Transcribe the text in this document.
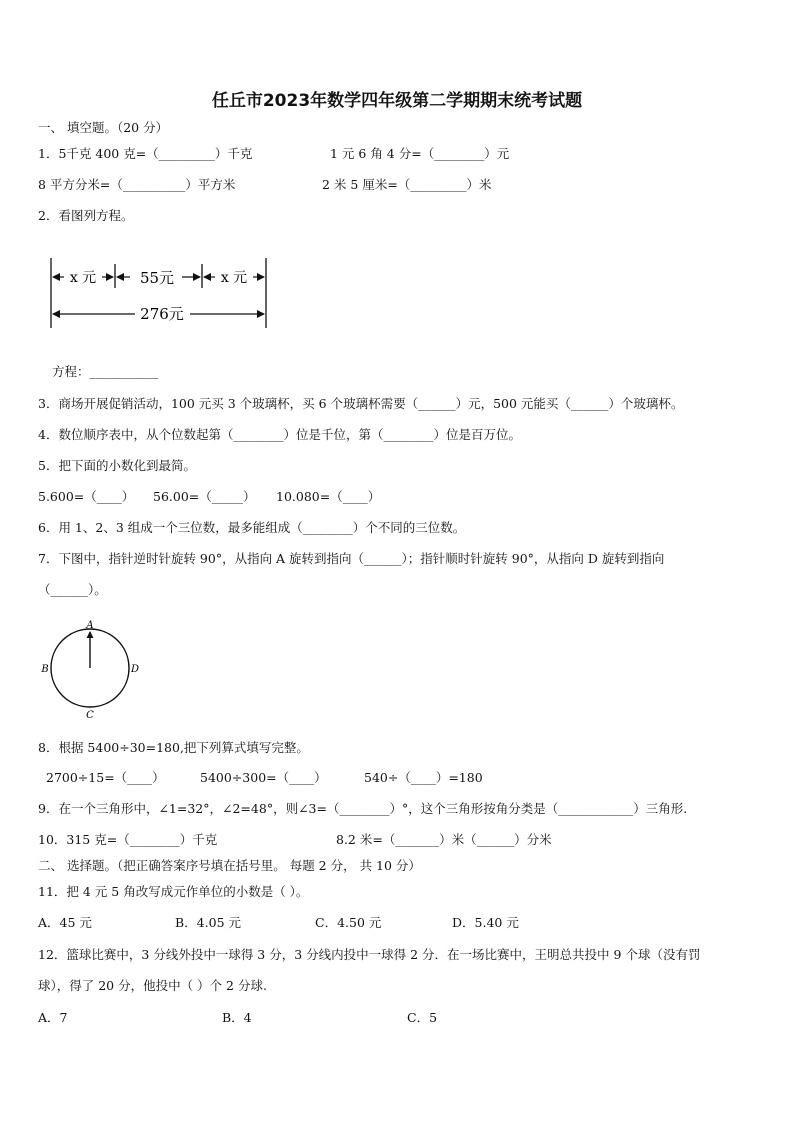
任丘市2023年数学四年级第二学期期末统考试题
一、 填空题。（20 分）
1．5千克 400 克=（_________）千克	1 元 6 角 4 分=（________）元
8 平方分米=（__________）平方米	2 米 5 厘米=（_________）米
2．看图列方程。
x 元	55元	x 元
276元
方程：___________
3．商场开展促销活动，100 元买 3 个玻璃杯，买 6 个玻璃杯需要（______）元，500 元能买（______）个玻璃杯。
4．数位顺序表中，从个位数起第（________）位是千位，第（________）位是百万位。
5．把下面的小数化到最简。
5.600=（____） 56.00=（_____） 10.080=（____）
6．用 1、2、3 组成一个三位数，最多能组成（________）个不同的三位数。
7．下图中，指针逆时针旋转 90°，从指向 A 旋转到指向（______）；指针顺时针旋转 90°，从指向 D 旋转到指向
（______）。
A
B
C
D
8．根据 5400÷30=180,把下列算式填写完整。
2700÷15=（____）	5400÷300=（____）	540÷（____）=180
9．在一个三角形中，∠1=32°，∠2=48°，则∠3=（________）°，这个三角形按角分类是（____________）三角形.
10．315 克=（________）千克	8.2 米=（_______）米（______）分米
二、 选择题。（把正确答案序号填在括号里。 每题 2 分， 共 10 分）
11．把 4 元 5 角改写成元作单位的小数是（ ）。
A．45 元	B．4.05 元	C．4.50 元	D．5.40 元
12．篮球比赛中，3 分线外投中一球得 3 分，3 分线内投中一球得 2 分．在一场比赛中，王明总共投中 9 个球（没有罚
球），得了 20 分，他投中（ ）个 2 分球.
A．7	B．4	C．5
